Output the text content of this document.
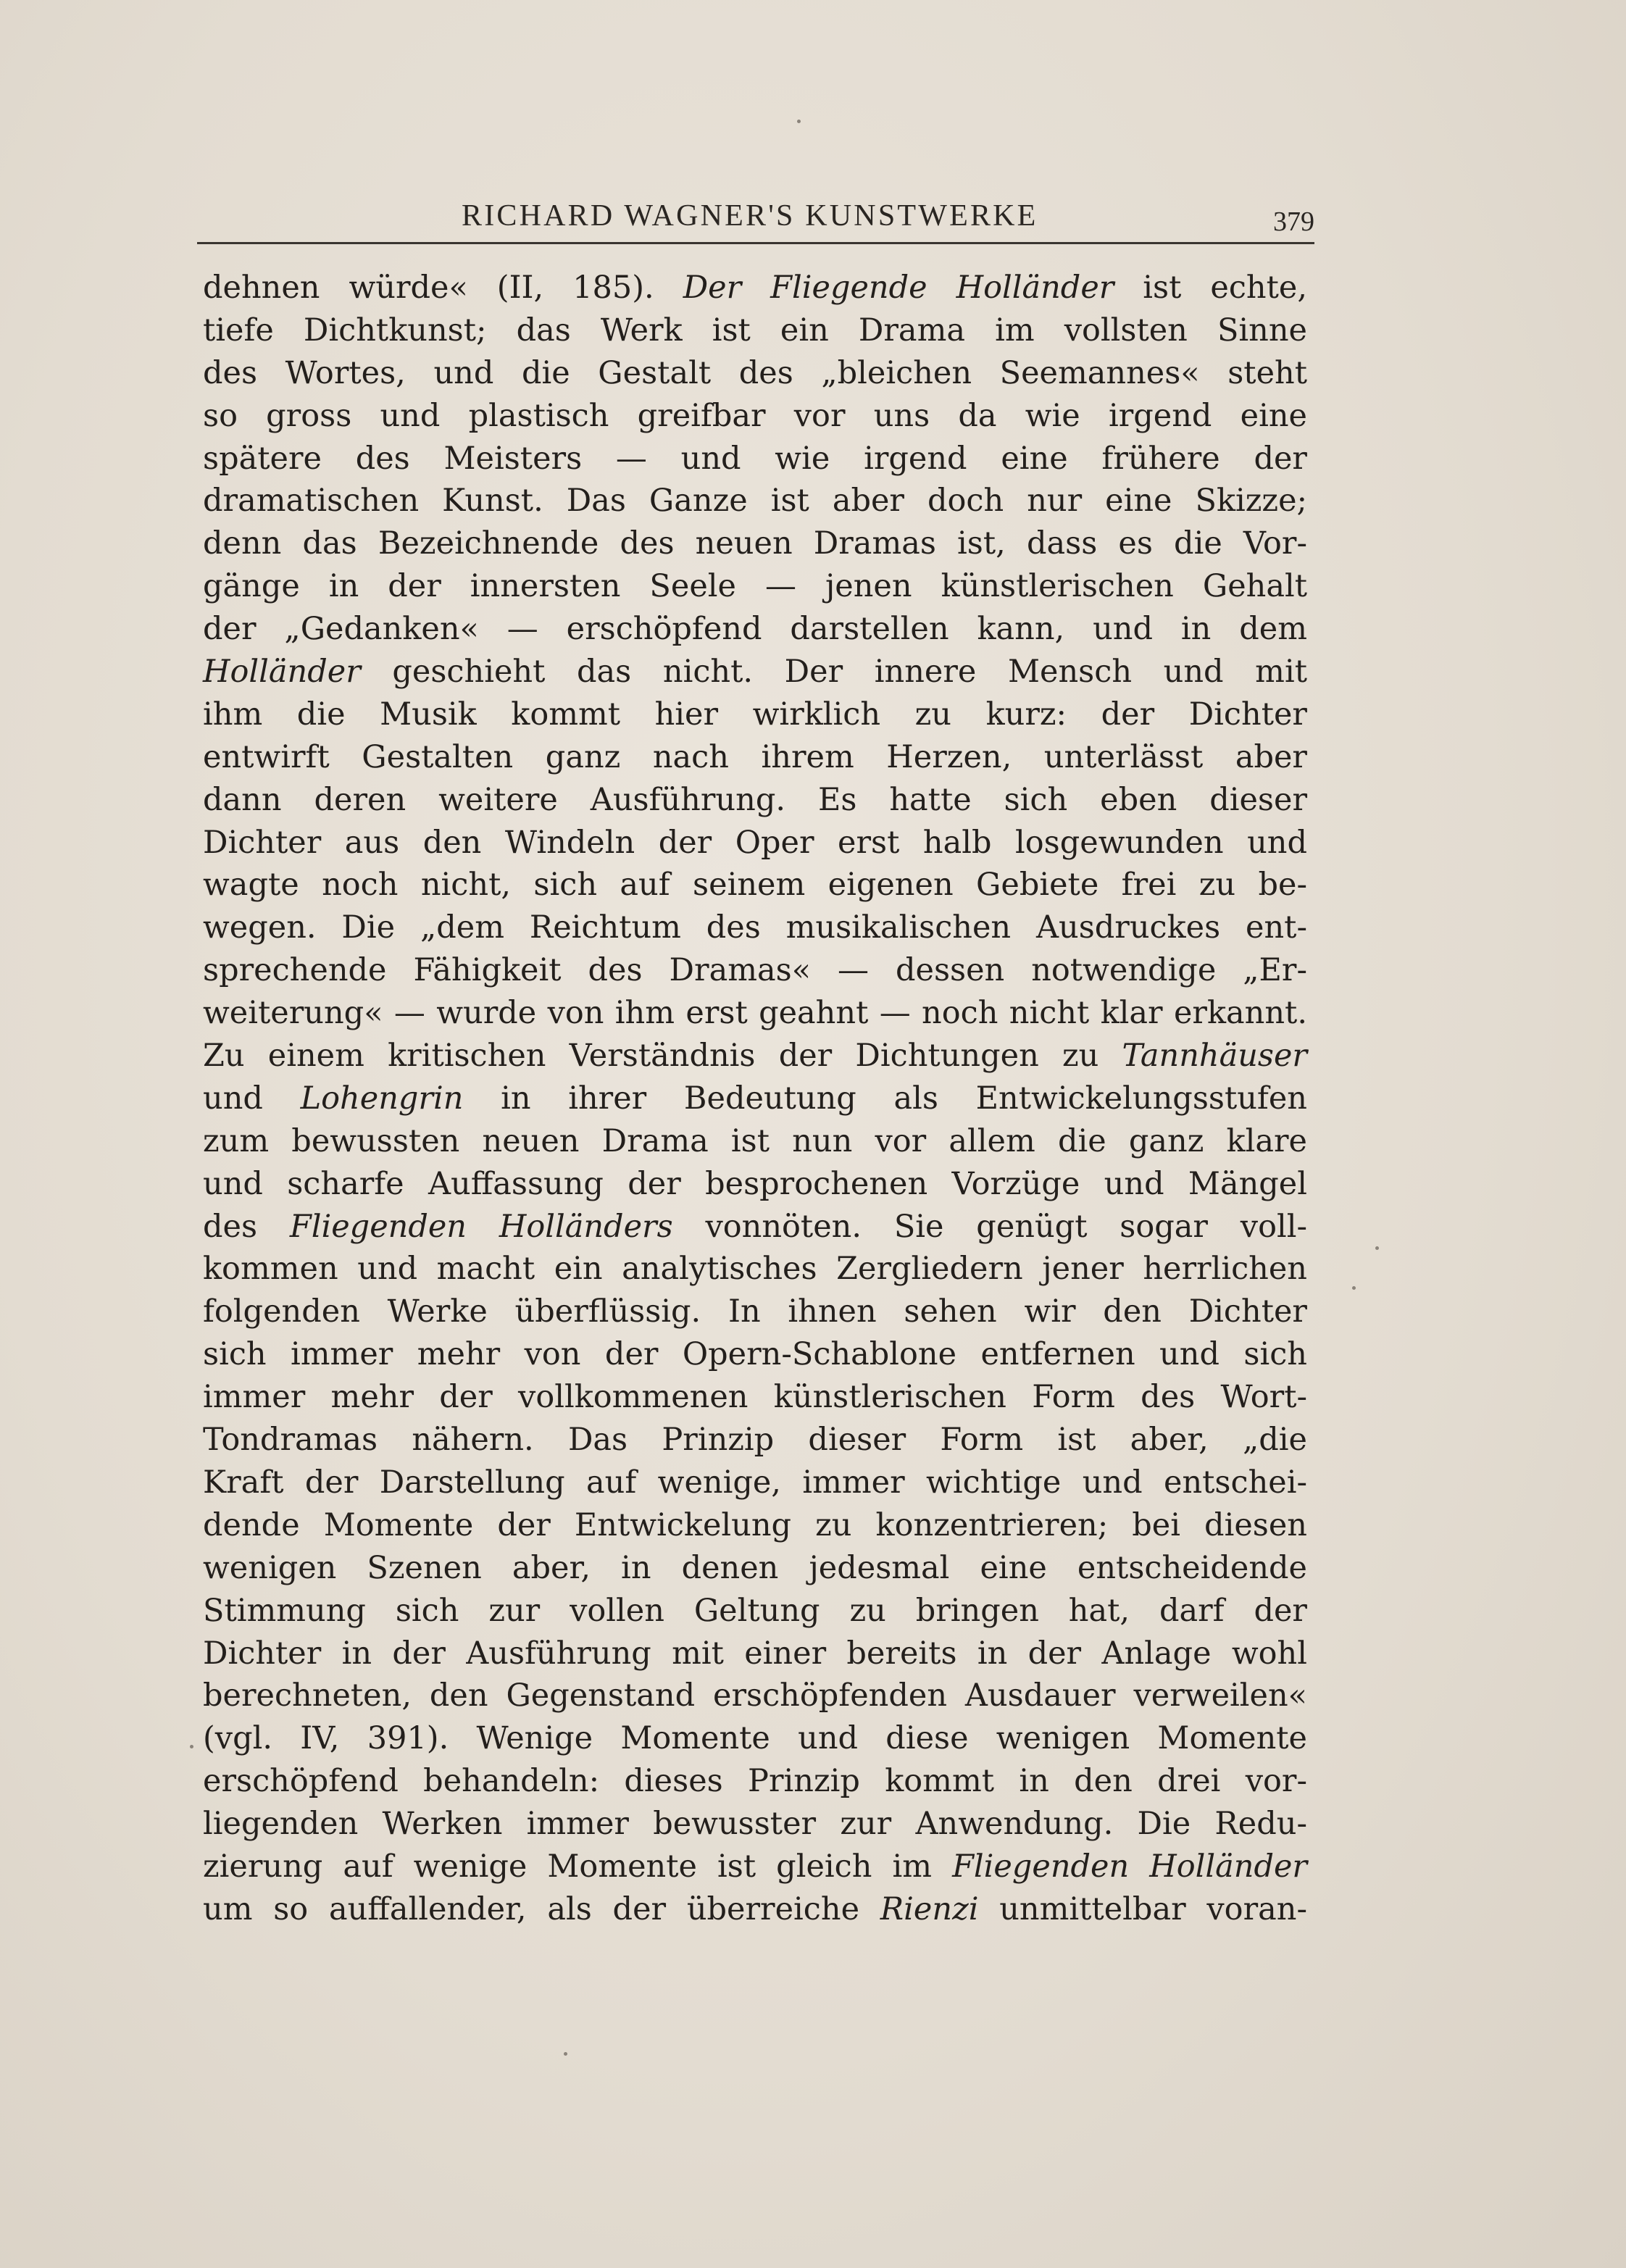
RICHARD WAGNER'S KUNSTWERKE	379
dehnen würde« (II, 185). Der Fliegende Holländer ist echte,
tiefe Dichtkunst; das Werk ist ein Drama im vollsten Sinne
des Wortes, und die Gestalt des „bleichen Seemannes« steht
so gross und plastisch greifbar vor uns da wie irgend eine
spätere des Meisters — und wie irgend eine frühere der
dramatischen Kunst. Das Ganze ist aber doch nur eine Skizze;
denn das Bezeichnende des neuen Dramas ist, dass es die Vor-
gänge in der innersten Seele — jenen künstlerischen Gehalt
der „Gedanken« — erschöpfend darstellen kann, und in dem
Holländer geschieht das nicht. Der innere Mensch und mit
ihm die Musik kommt hier wirklich zu kurz: der Dichter
entwirft Gestalten ganz nach ihrem Herzen, unterlässt aber
dann deren weitere Ausführung. Es hatte sich eben dieser
Dichter aus den Windeln der Oper erst halb losgewunden und
wagte noch nicht, sich auf seinem eigenen Gebiete frei zu be-
wegen. Die „dem Reichtum des musikalischen Ausdruckes ent-
sprechende Fähigkeit des Dramas« — dessen notwendige „Er-
weiterung« — wurde von ihm erst geahnt — noch nicht klar erkannt.
Zu einem kritischen Verständnis der Dichtungen zu Tannhäuser
und Lohengrin in ihrer Bedeutung als Entwickelungsstufen
zum bewussten neuen Drama ist nun vor allem die ganz klare
und scharfe Auffassung der besprochenen Vorzüge und Mängel
des Fliegenden Holländers vonnöten. Sie genügt sogar voll-
kommen und macht ein analytisches Zergliedern jener herrlichen
folgenden Werke überflüssig. In ihnen sehen wir den Dichter
sich immer mehr von der Opern-Schablone entfernen und sich
immer mehr der vollkommenen künstlerischen Form des Wort-
Tondramas nähern. Das Prinzip dieser Form ist aber, „die
Kraft der Darstellung auf wenige, immer wichtige und entschei-
dende Momente der Entwickelung zu konzentrieren; bei diesen
wenigen Szenen aber, in denen jedesmal eine entscheidende
Stimmung sich zur vollen Geltung zu bringen hat, darf der
Dichter in der Ausführung mit einer bereits in der Anlage wohl
berechneten, den Gegenstand erschöpfenden Ausdauer verweilen«
(vgl. IV, 391). Wenige Momente und diese wenigen Momente
erschöpfend behandeln: dieses Prinzip kommt in den drei vor-
liegenden Werken immer bewusster zur Anwendung. Die Redu-
zierung auf wenige Momente ist gleich im Fliegenden Holländer
um so auffallender, als der überreiche Rienzi unmittelbar voran-
